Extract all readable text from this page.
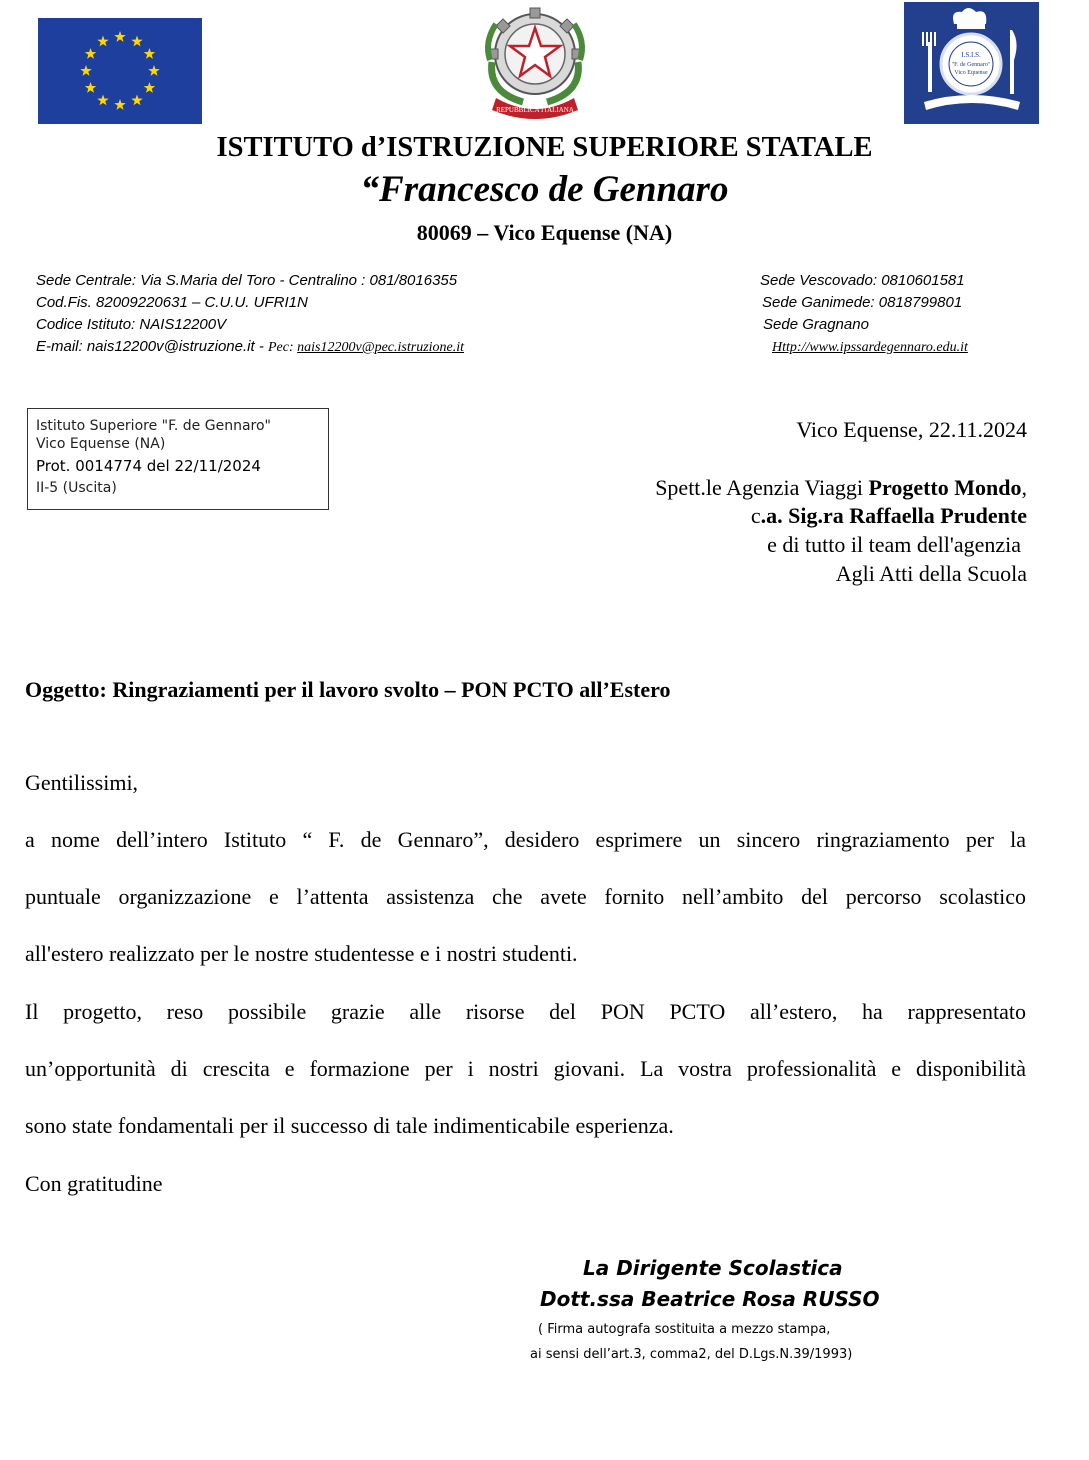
REPUBBLICA ITALIANA
I.S.I.S.
"F. de Gennaro"
Vico Equense
ISTITUTO d’ISTRUZIONE SUPERIORE STATALE
“Francesco de Gennaro
80069 – Vico Equense (NA)
Sede Centrale: Via S.Maria del Toro - Centralino : 081/8016355
Cod.Fis. 82009220631 – C.U.U. UFRI1N
Codice Istituto: NAIS12200V
E-mail: nais12200v@istruzione.it - Pec: nais12200v@pec.istruzione.it
Sede Vescovado: 0810601581
Sede Ganimede: 0818799801
Sede Gragnano
Http://www.ipssardegennaro.edu.it
Istituto Superiore "F. de Gennaro"
Vico Equense (NA)
Prot. 0014774 del 22/11/2024
II-5 (Uscita)
Vico Equense, 22.11.2024
Spett.le Agenzia Viaggi Progetto Mondo,
c.a. Sig.ra Raffaella Prudente
e di tutto il team dell'agenzia
Agli Atti della Scuola
Oggetto: Ringraziamenti per il lavoro svolto – PON PCTO all’Estero
Gentilissimi,
a nome dell’intero Istituto “ F. de Gennaro”, desidero esprimere un sincero ringraziamento per la
puntuale organizzazione e l’attenta assistenza che avete fornito nell’ambito del percorso scolastico
all'estero realizzato per le nostre studentesse e i nostri studenti.
Il progetto, reso possibile grazie alle risorse del PON PCTO all’estero, ha rappresentato
un’opportunità di crescita e formazione per i nostri giovani. La vostra professionalità e disponibilità
sono state fondamentali per il successo di tale indimenticabile esperienza.
Con gratitudine
La Dirigente Scolastica
Dott.ssa Beatrice Rosa RUSSO
( Firma autografa sostituita a mezzo stampa,
ai sensi dell’art.3, comma2, del D.Lgs.N.39/1993)
